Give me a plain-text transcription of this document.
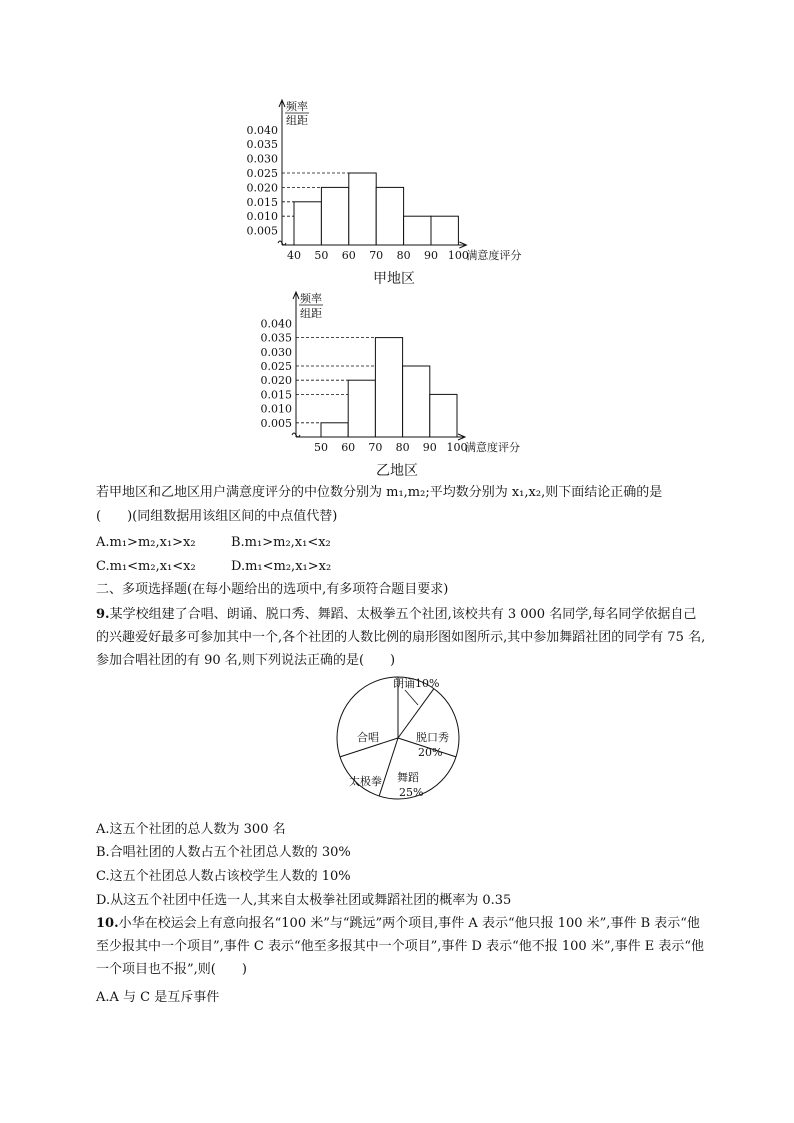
频率
组距
0.040
0.035
0.030
0.025
0.020
0.015
0.010
0.005
40 50 60 70 80 90 100
满意度评分
频率
组距
0.040
0.035
0.030
0.025
0.020
0.015
0.010
0.005
50 60 70 80 90 100
满意度评分
朗诵10%
脱口秀
20%
舞蹈
25%
太极拳
合唱
甲地区
乙地区
若甲地区和乙地区用户满意度评分的中位数分别为 m₁,m₂;平均数分别为 x₁,x₂,则下面结论正确的是
(　　)(同组数据用该组区间的中点值代替)
A.m₁>m₂,x₁>x₂	B.m₁>m₂,x₁<x₂
C.m₁<m₂,x₁<x₂	D.m₁<m₂,x₁>x₂
二、多项选择题(在每小题给出的选项中,有多项符合题目要求)
9.某学校组建了合唱、朗诵、脱口秀、舞蹈、太极拳五个社团,该校共有 3 000 名同学,每名同学依据自己的兴趣爱好最多可参加其中一个,各个社团的人数比例的扇形图如图所示,其中参加舞蹈社团的同学有 75 名,参加合唱社团的有 90 名,则下列说法正确的是(　　)
A.这五个社团的总人数为 300 名
B.合唱社团的人数占五个社团总人数的 30%
C.这五个社团总人数占该校学生人数的 10%
D.从这五个社团中任选一人,其来自太极拳社团或舞蹈社团的概率为 0.35
10.小华在校运会上有意向报名“100 米”与“跳远”两个项目,事件 A 表示“他只报 100 米”,事件 B 表示“他至少报其中一个项目”,事件 C 表示“他至多报其中一个项目”,事件 D 表示“他不报 100 米”,事件 E 表示“他一个项目也不报”,则(　　)
A.A 与 C 是互斥事件
